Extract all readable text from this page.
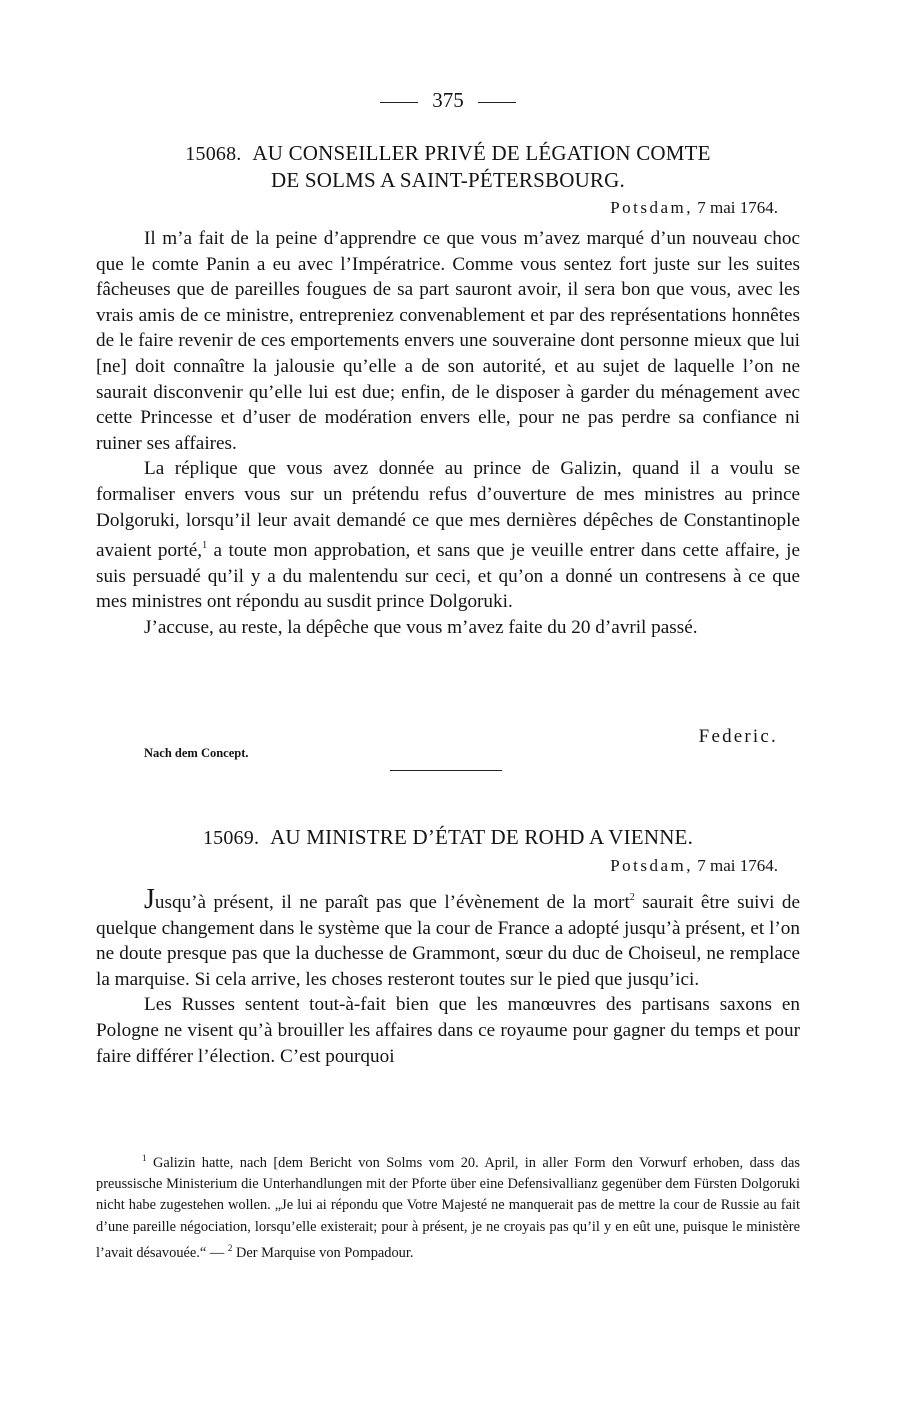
375
15068. AU CONSEILLER PRIVÉ DE LÉGATION COMTE
DE SOLMS A SAINT-PÉTERSBOURG.
Potsdam, 7 mai 1764.

Il m’a fait de la peine d’apprendre ce que vous m’avez marqué d’un nouveau choc que le comte Panin a eu avec l’Impératrice. Comme vous sentez fort juste sur les suites fâcheuses que de pareilles fougues de sa part sauront avoir, il sera bon que vous, avec les vrais amis de ce ministre, entrepreniez convenablement et par des représentations honnêtes de le faire revenir de ces emportements envers une souveraine dont personne mieux que lui [ne] doit connaître la jalousie qu’elle a de son autorité, et au sujet de laquelle l’on ne saurait disconvenir qu’elle lui est due; enfin, de le disposer à garder du ménagement avec cette Princesse et d’user de modération envers elle, pour ne pas perdre sa confiance ni ruiner ses affaires.

La réplique que vous avez donnée au prince de Galizin, quand il a voulu se formaliser envers vous sur un prétendu refus d’ouverture de mes ministres au prince Dolgoruki, lorsqu’il leur avait demandé ce que mes dernières dépêches de Constantinople avaient porté,$^1$ a toute mon approbation, et sans que je veuille entrer dans cette affaire, je suis persuadé qu’il y a du malentendu sur ceci, et qu’on a donné un contresens à ce que mes ministres ont répondu au susdit prince Dolgoruki.

J’accuse, au reste, la dépêche que vous m’avez faite du 20 d’avril passé.

Federic.
Nach dem Concept.
15069. AU MINISTRE D’ÉTAT DE ROHD A VIENNE.
Potsdam, 7 mai 1764.

Jusqu’à présent, il ne paraît pas que l’évènement de la mort$^2$ saurait être suivi de quelque changement dans le système que la cour de France a adopté jusqu’à présent, et l’on ne doute presque pas que la duchesse de Grammont, sœur du duc de Choiseul, ne remplace la marquise. Si cela arrive, les choses resteront toutes sur le pied que jusqu’ici.

Les Russes sentent tout-à-fait bien que les manœuvres des partisans saxons en Pologne ne visent qu’à brouiller les affaires dans ce royaume pour gagner du temps et pour faire différer l’élection. C’est pourquoi

$^1$ Galizin hatte, nach [dem Bericht von Solms vom 20. April, in aller Form den Vorwurf erhoben, dass das preussische Ministerium die Unterhandlungen mit der Pforte über eine Defensivallianz gegenüber dem Fürsten Dolgoruki nicht habe zugestehen wollen. „Je lui ai répondu que Votre Majesté ne manquerait pas de mettre la cour de Russie au fait d’une pareille négociation, lorsqu’elle existerait; pour à présent, je ne croyais pas qu’il y en eût une, puisque le ministère l’avait désavouée.“ — $^2$ Der Marquise von Pompadour.
